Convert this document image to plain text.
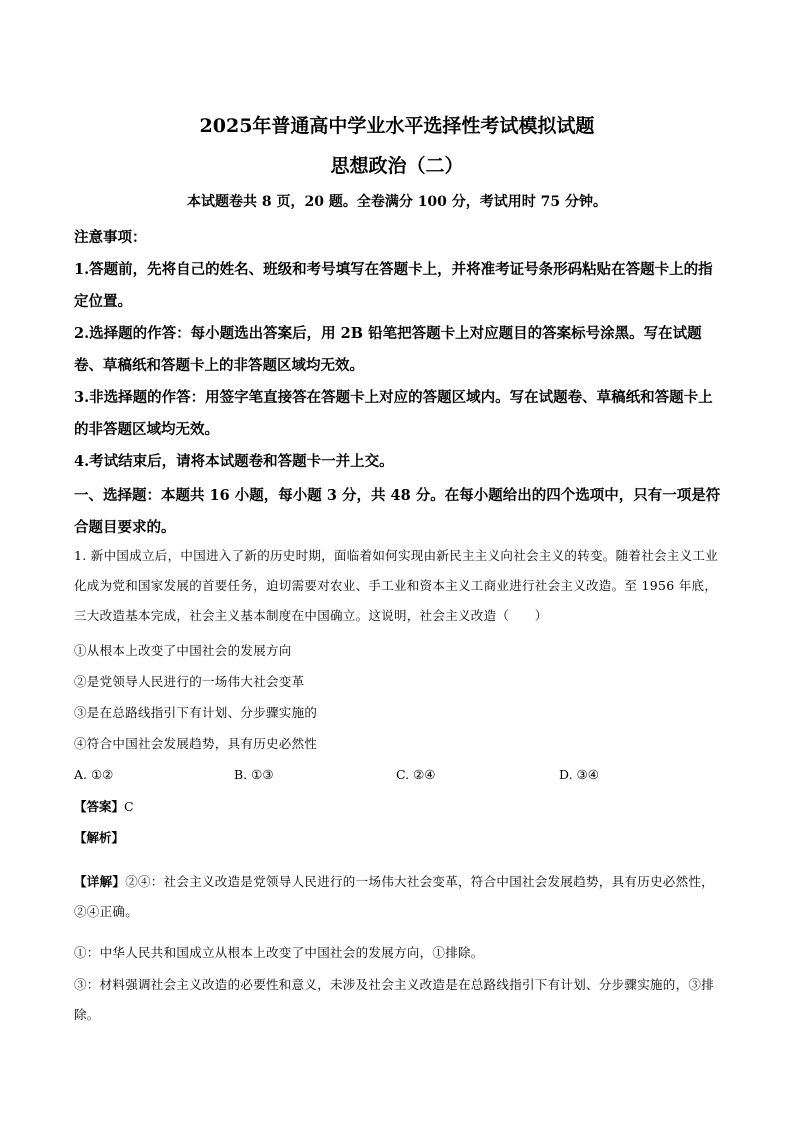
2025年普通高中学业水平选择性考试模拟试题
思想政治（二）
本试题卷共 8 页，20 题。全卷满分 100 分，考试用时 75 分钟。
注意事项：
1.答题前，先将自己的姓名、班级和考号填写在答题卡上，并将准考证号条形码粘贴在答题卡上的指定位置。
2.选择题的作答：每小题选出答案后，用 2B 铅笔把答题卡上对应题目的答案标号涂黑。写在试题卷、草稿纸和答题卡上的非答题区域均无效。
3.非选择题的作答：用签字笔直接答在答题卡上对应的答题区域内。写在试题卷、草稿纸和答题卡上的非答题区域均无效。
4.考试结束后，请将本试题卷和答题卡一并上交。
一、选择题：本题共 16 小题，每小题 3 分，共 48 分。在每小题给出的四个选项中，只有一项是符合题目要求的。
1. 新中国成立后，中国进入了新的历史时期，面临着如何实现由新民主主义向社会主义的转变。随着社会主义工业化成为党和国家发展的首要任务，迫切需要对农业、手工业和资本主义工商业进行社会主义改造。至 1956 年底，三大改造基本完成，社会主义基本制度在中国确立。这说明，社会主义改造（　　）
①从根本上改变了中国社会的发展方向
②是党领导人民进行的一场伟大社会变革
③是在总路线指引下有计划、分步骤实施的
④符合中国社会发展趋势，具有历史必然性
A. ①②	B. ①③	C. ②④	D. ③④
【答案】C
【解析】
【详解】②④：社会主义改造是党领导人民进行的一场伟大社会变革，符合中国社会发展趋势，具有历史必然性，②④正确。
①：中华人民共和国成立从根本上改变了中国社会的发展方向，①排除。
③：材料强调社会主义改造的必要性和意义，未涉及社会主义改造是在总路线指引下有计划、分步骤实施的，③排除。
